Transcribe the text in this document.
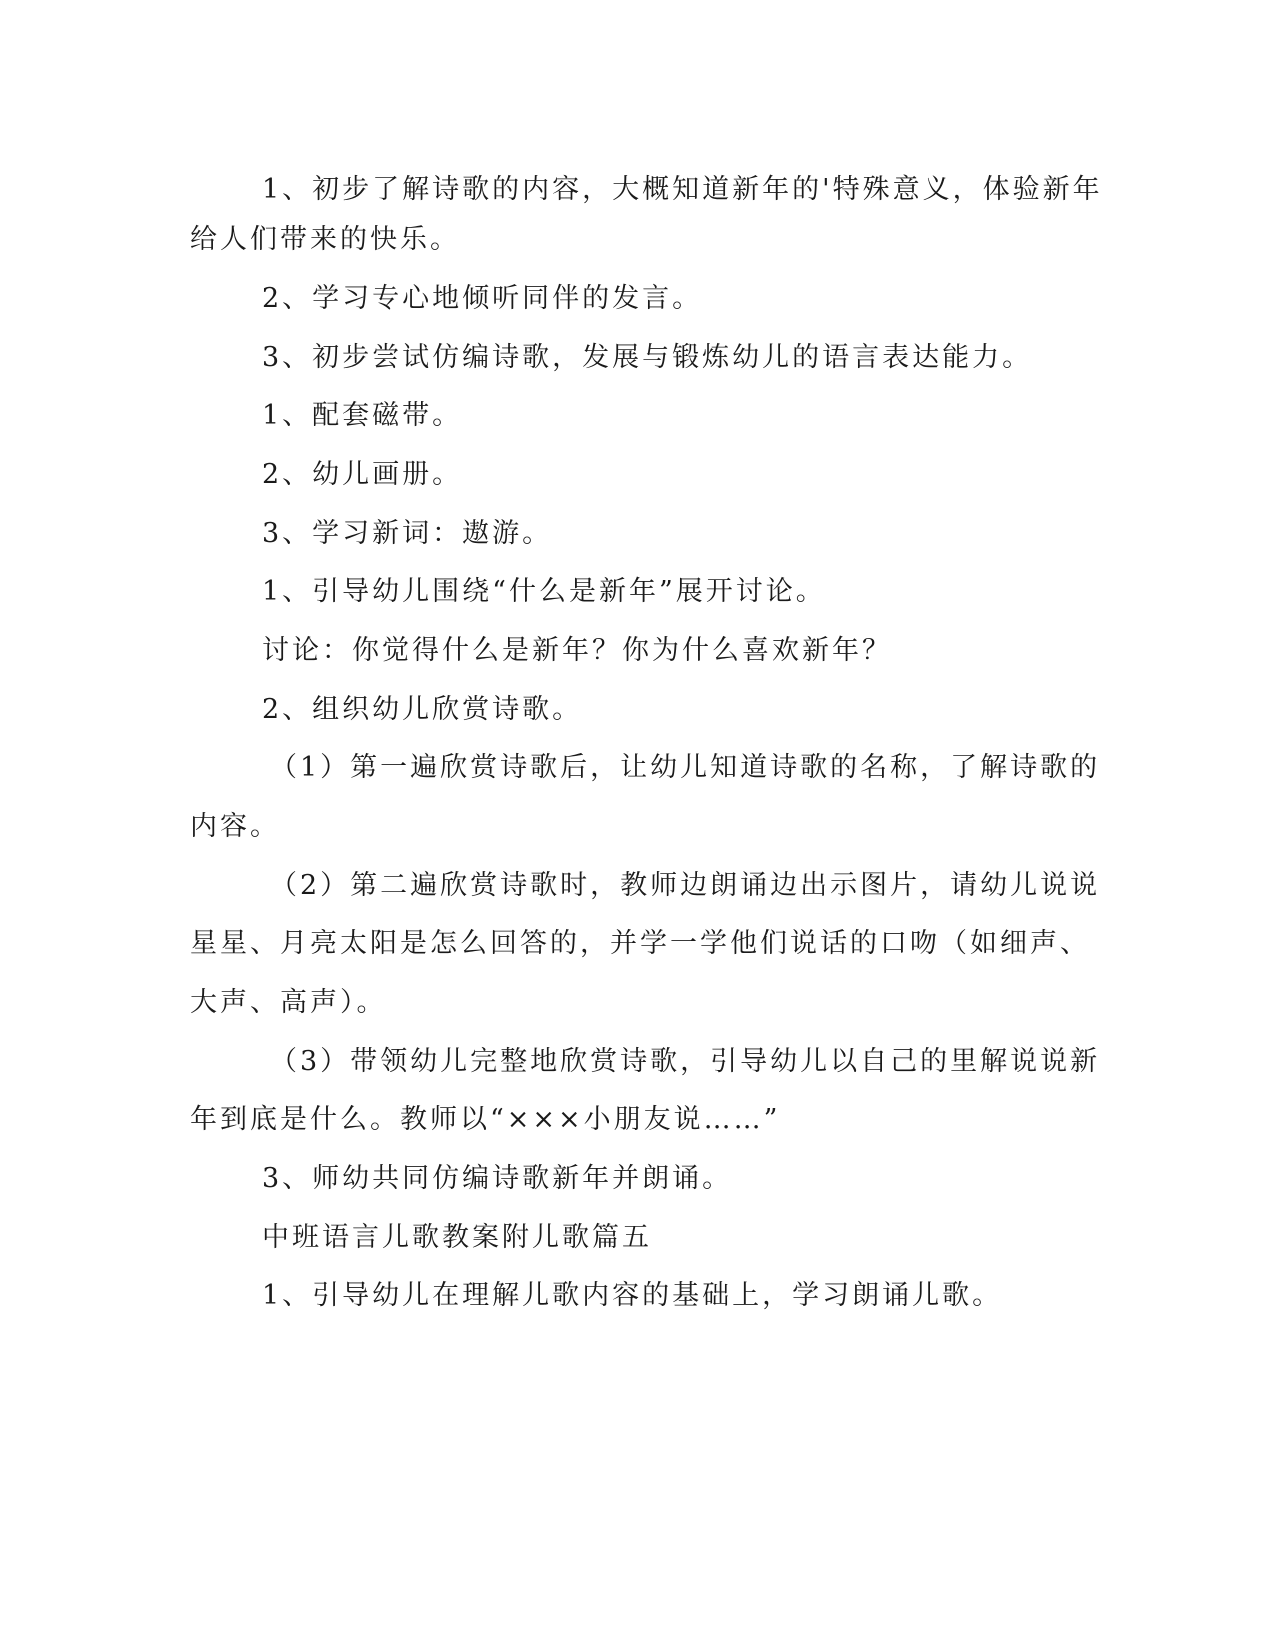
1、初步了解诗歌的内容，大概知道新年的'特殊意义，体验新年
给人们带来的快乐。
2、学习专心地倾听同伴的发言。
3、初步尝试仿编诗歌，发展与锻炼幼儿的语言表达能力。
1、配套磁带。
2、幼儿画册。
3、学习新词：遨游。
1、引导幼儿围绕“什么是新年”展开讨论。
讨论：你觉得什么是新年？你为什么喜欢新年？
2、组织幼儿欣赏诗歌。
（1）第一遍欣赏诗歌后，让幼儿知道诗歌的名称，了解诗歌的
内容。
（2）第二遍欣赏诗歌时，教师边朗诵边出示图片，请幼儿说说
星星、月亮太阳是怎么回答的，并学一学他们说话的口吻（如细声、
大声、高声）。
（3）带领幼儿完整地欣赏诗歌，引导幼儿以自己的里解说说新
年到底是什么。教师以“×××小朋友说……”
3、师幼共同仿编诗歌新年并朗诵。
中班语言儿歌教案附儿歌篇五
1、引导幼儿在理解儿歌内容的基础上，学习朗诵儿歌。
